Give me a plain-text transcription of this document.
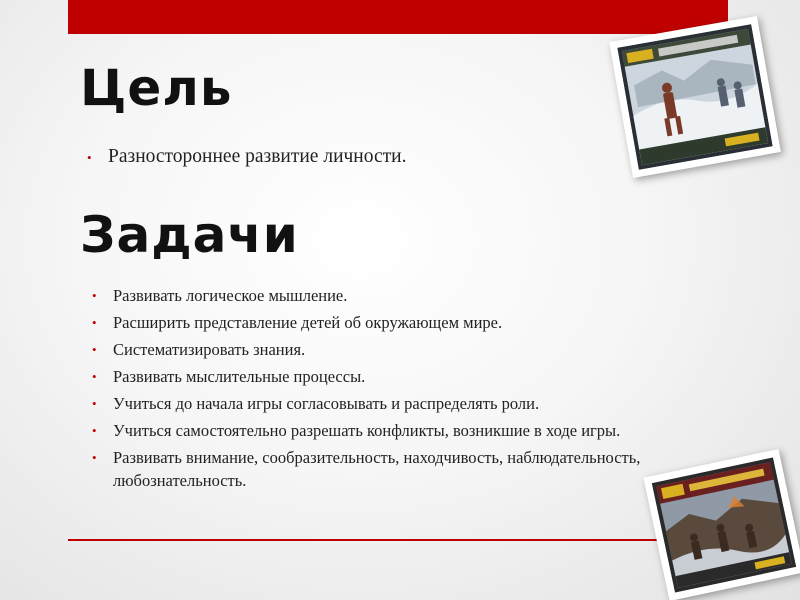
Цель
• Разностороннее развитие личности.
Задачи
• Развивать логическое мышление.
• Расширить представление детей об окружающем мире.
• Систематизировать знания.
• Развивать мыслительные процессы.
• Учиться до начала игры согласовывать и распределять роли.
• Учиться самостоятельно разрешать конфликты, возникшие в ходе игры.
• Развивать внимание, сообразительность, находчивость, наблюдательность, любознательность.
